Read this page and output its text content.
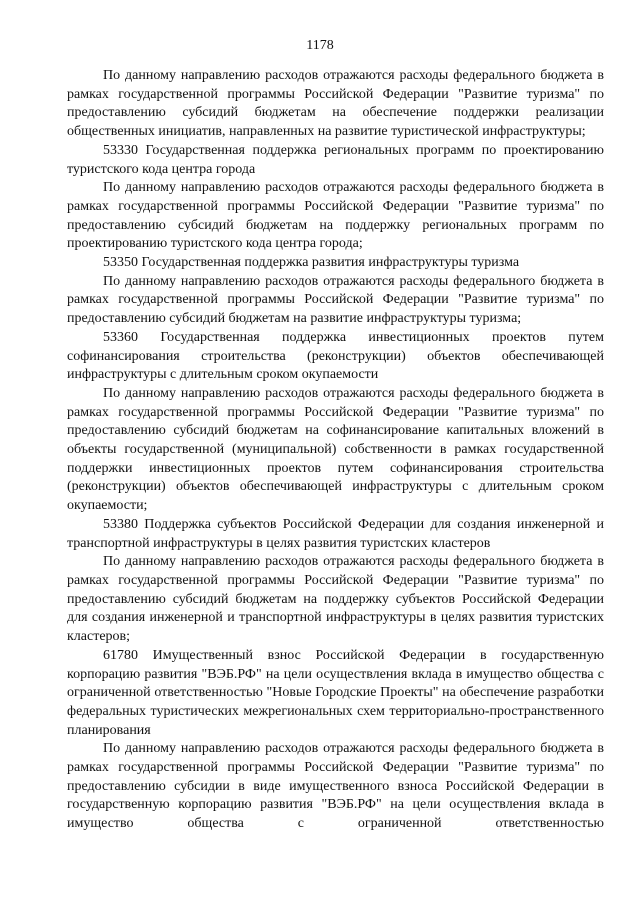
1178

По данному направлению расходов отражаются расходы федерального бюджета в рамках государственной программы Российской Федерации "Развитие туризма" по предоставлению субсидий бюджетам на обеспечение поддержки реализации общественных инициатив, направленных на развитие туристической инфраструктуры;

53330 Государственная поддержка региональных программ по проектированию туристского кода центра города

По данному направлению расходов отражаются расходы федерального бюджета в рамках государственной программы Российской Федерации "Развитие туризма" по предоставлению субсидий бюджетам на поддержку региональных программ по проектированию туристского кода центра города;

53350 Государственная поддержка развития инфраструктуры туризма

По данному направлению расходов отражаются расходы федерального бюджета в рамках государственной программы Российской Федерации "Развитие туризма" по предоставлению субсидий бюджетам на развитие инфраструктуры туризма;

53360 Государственная поддержка инвестиционных проектов путем софинансирования строительства (реконструкции) объектов обеспечивающей инфраструктуры с длительным сроком окупаемости

По данному направлению расходов отражаются расходы федерального бюджета в рамках государственной программы Российской Федерации "Развитие туризма" по предоставлению субсидий бюджетам на софинансирование капитальных вложений в объекты государственной (муниципальной) собственности в рамках государственной поддержки инвестиционных проектов путем софинансирования строительства (реконструкции) объектов обеспечивающей инфраструктуры с длительным сроком окупаемости;

53380 Поддержка субъектов Российской Федерации для создания инженерной и транспортной инфраструктуры в целях развития туристских кластеров

По данному направлению расходов отражаются расходы федерального бюджета в рамках государственной программы Российской Федерации "Развитие туризма" по предоставлению субсидий бюджетам на поддержку субъектов Российской Федерации для создания инженерной и транспортной инфраструктуры в целях развития туристских кластеров;

61780 Имущественный взнос Российской Федерации в государственную корпорацию развития "ВЭБ.РФ" на цели осуществления вклада в имущество общества с ограниченной ответственностью "Новые Городские Проекты" на обеспечение разработки федеральных туристических межрегиональных схем территориально-пространственного планирования

По данному направлению расходов отражаются расходы федерального бюджета в рамках государственной программы Российской Федерации "Развитие туризма" по предоставлению субсидии в виде имущественного взноса Российской Федерации в государственную корпорацию развития "ВЭБ.РФ" на цели осуществления вклада в имущество общества с ограниченной ответственностью
